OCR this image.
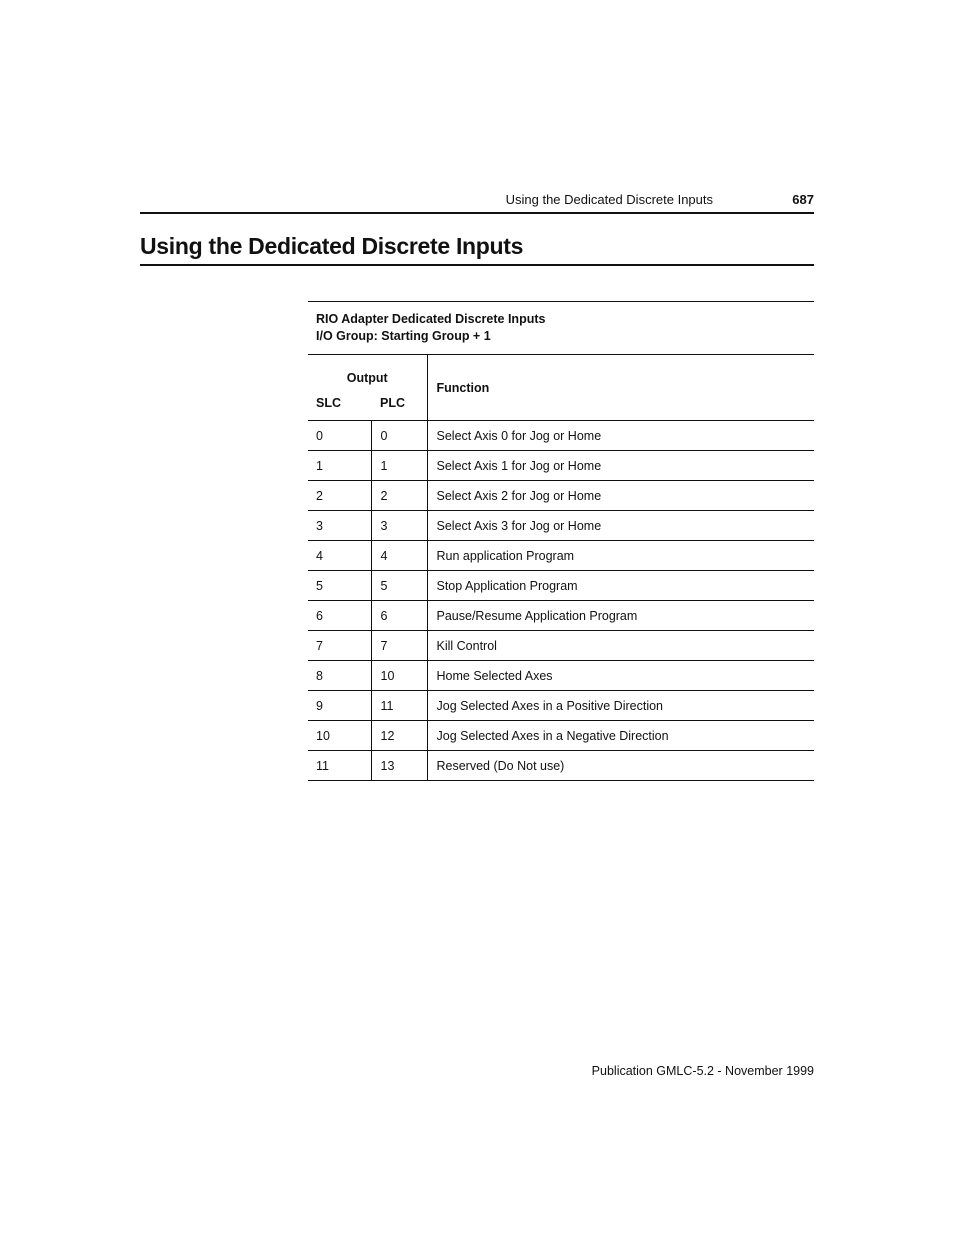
Using the Dedicated Discrete Inputs	687
Using the Dedicated Discrete Inputs
RIO Adapter Dedicated Discrete Inputs
I/O Group: Starting Group + 1
Output		Function
SLC	PLC	
0	0	Select Axis 0 for Jog or Home
1	1	Select Axis 1 for Jog or Home
2	2	Select Axis 2 for Jog or Home
3	3	Select Axis 3 for Jog or Home
4	4	Run application Program
5	5	Stop Application Program
6	6	Pause/Resume Application Program
7	7	Kill Control
8	10	Home Selected Axes
9	11	Jog Selected Axes in a Positive Direction
10	12	Jog Selected Axes in a Negative Direction
11	13	Reserved (Do Not use)
Publication GMLC-5.2 - November 1999
